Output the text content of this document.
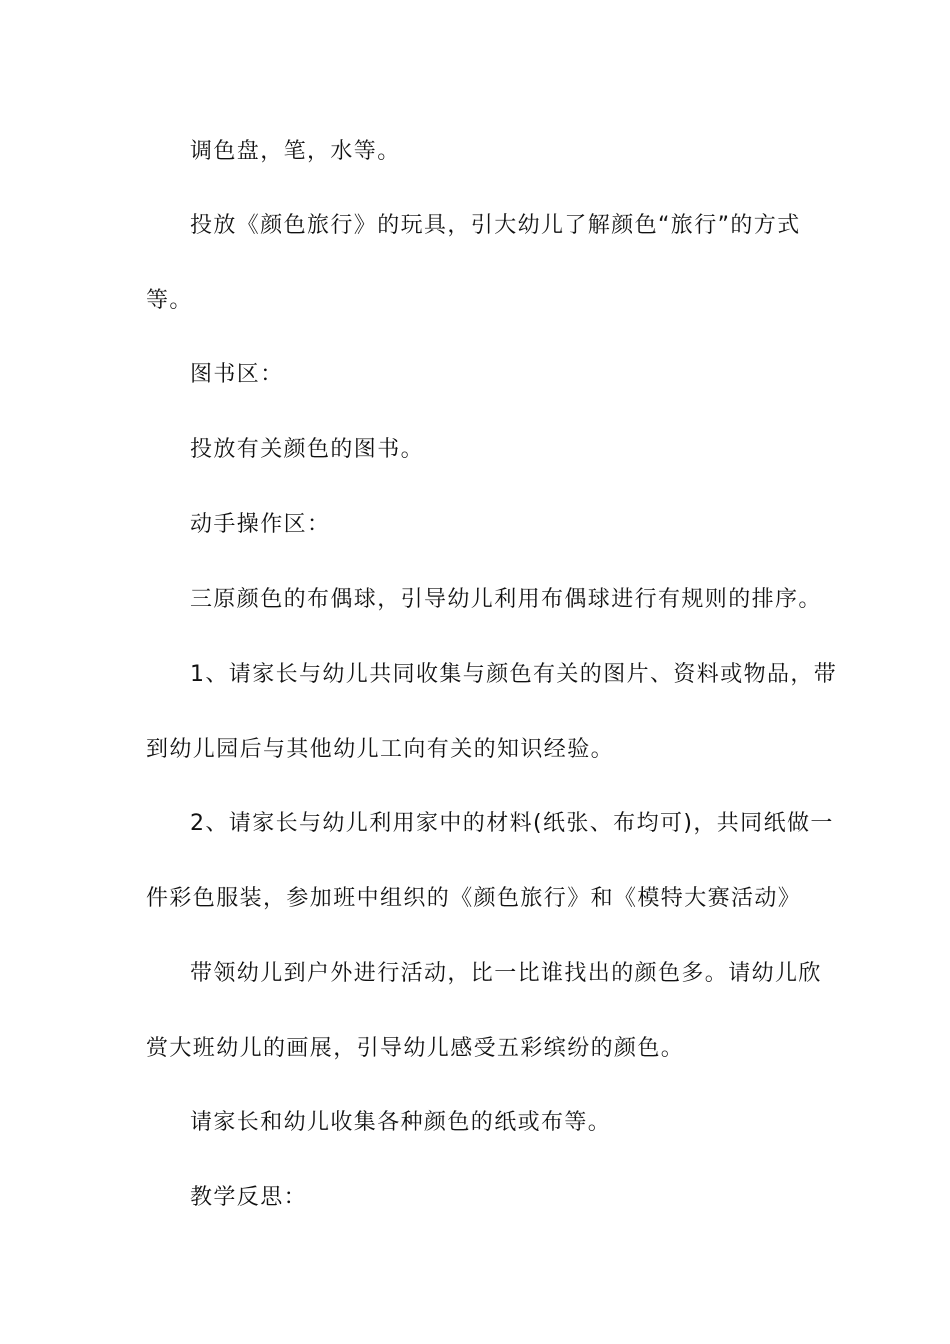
调色盘，笔，水等。
投放《颜色旅行》的玩具，引大幼儿了解颜色“旅行”的方式
等。
图书区：
投放有关颜色的图书。
动手操作区：
三原颜色的布偶球，引导幼儿利用布偶球进行有规则的排序。
1、请家长与幼儿共同收集与颜色有关的图片、资料或物品，带
到幼儿园后与其他幼儿工向有关的知识经验。
2、请家长与幼儿利用家中的材料(纸张、布均可)，共同纸做一
件彩色服装，参加班中组织的《颜色旅行》和《模特大赛活动》
带领幼儿到户外进行活动，比一比谁找出的颜色多。请幼儿欣
赏大班幼儿的画展，引导幼儿感受五彩缤纷的颜色。
请家长和幼儿收集各种颜色的纸或布等。
教学反思：
